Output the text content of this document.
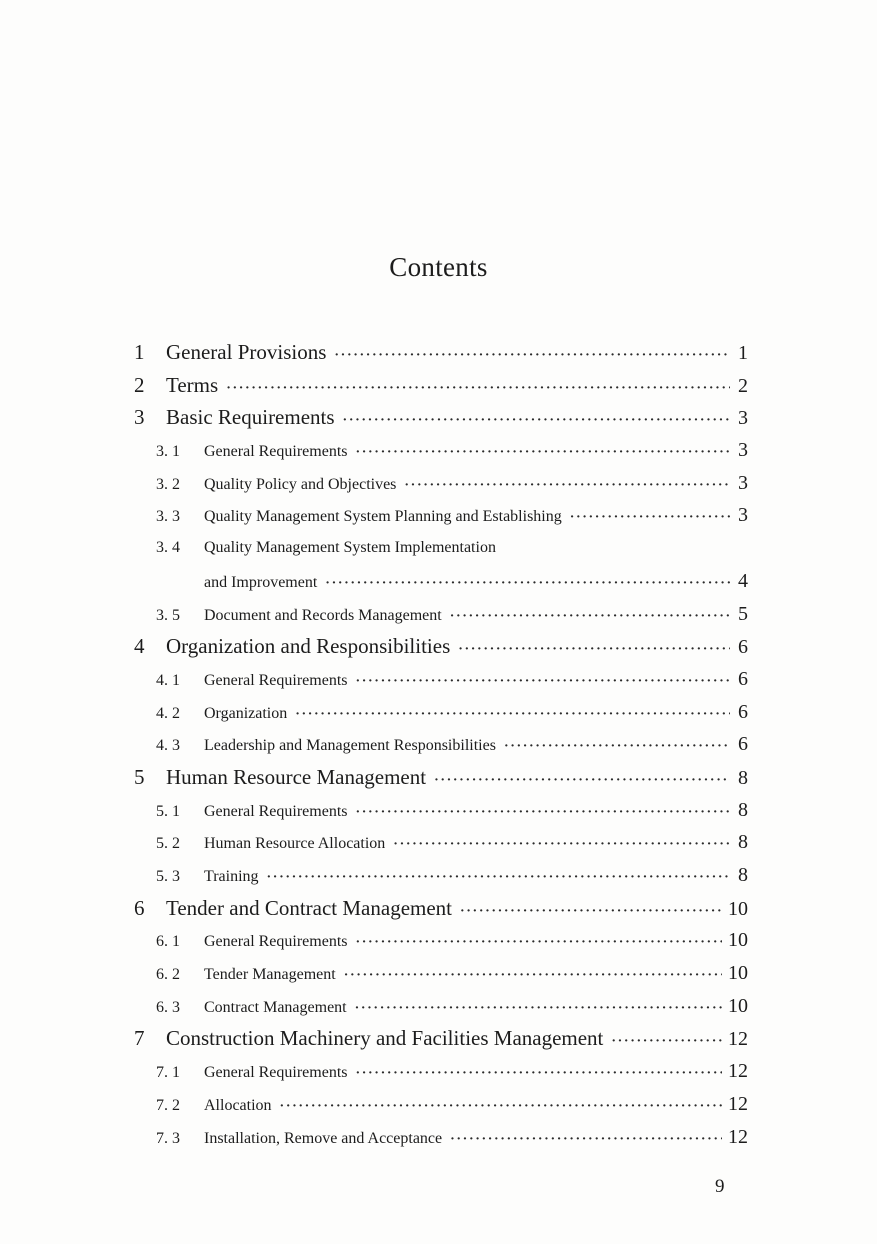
Contents
1	General Provisions ·····	1
2	Terms ·····	2
3	Basic Requirements ·····	3
3. 1	General Requirements ·····	3
3. 2	Quality Policy and Objectives ·····	3
3. 3	Quality Management System Planning and Establishing ·····	3
3. 4	Quality Management System Implementation
and Improvement ·····	4
3. 5	Document and Records Management ·····	5
4	Organization and Responsibilities ·····	6
4. 1	General Requirements ·····	6
4. 2	Organization ·····	6
4. 3	Leadership and Management Responsibilities ·····	6
5	Human Resource Management ·····	8
5. 1	General Requirements ·····	8
5. 2	Human Resource Allocation ·····	8
5. 3	Training ·····	8
6	Tender and Contract Management ·····	10
6. 1	General Requirements ·····	10
6. 2	Tender Management ·····	10
6. 3	Contract Management ·····	10
7	Construction Machinery and Facilities Management ·····	12
7. 1	General Requirements ·····	12
7. 2	Allocation ·····	12
7. 3	Installation, Remove and Acceptance ·····	12
9
